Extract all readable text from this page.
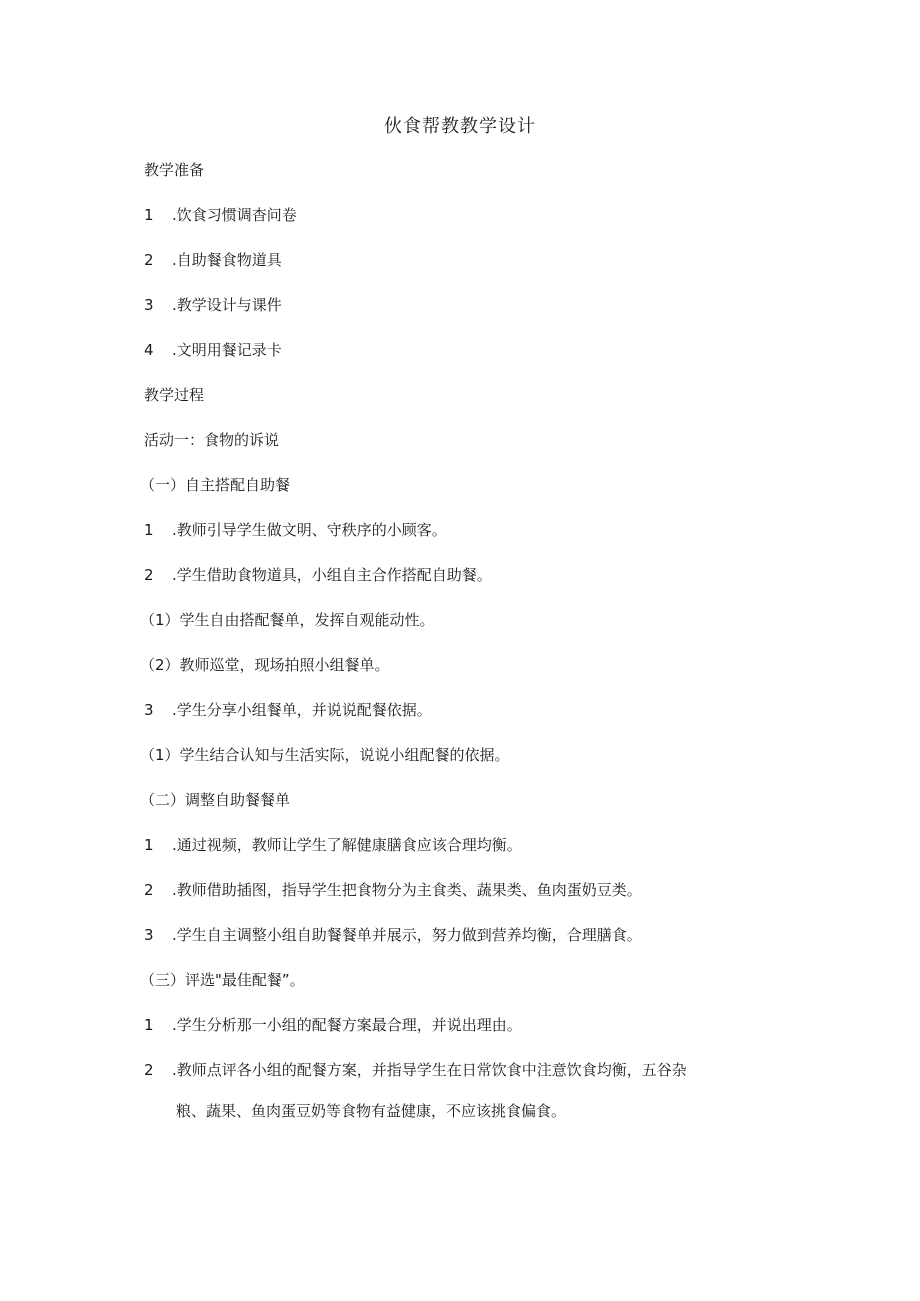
伙食帮教教学设计
教学准备
1 .饮食习惯调杳问卷
2 .自助餐食物道具
3 .教学设计与课件
4 .文明用餐记录卡
教学过程
活动一：食物的诉说
（一）自主搭配自助餐
1 .教师引导学生做文明、守秩序的小顾客。
2 .学生借助食物道具，小组自主合作搭配自助餐。
（1）学生自由搭配餐单，发挥自观能动性。
（2）教师巡堂，现场拍照小组餐单。
3 .学生分享小组餐单，并说说配餐依据。
（1）学生结合认知与生活实际，说说小组配餐的依据。
（二）调整自助餐餐单
1 .通过视频，教师让学生了解健康膳食应该合理均衡。
2 .教师借助插图，指导学生把食物分为主食类、蔬果类、鱼肉蛋奶豆类。
3 .学生自主调整小组自助餐餐单并展示，努力做到营养均衡，合理膳食。
（三）评选"最佳配餐”。
1 .学生分析那一小组的配餐方案最合理，并说出理由。
2 .教师点评各小组的配餐方案，并指导学生在日常饮食中注意饮食均衡，五谷杂
粮、蔬果、鱼肉蛋豆奶等食物有益健康，不应该挑食偏食。
